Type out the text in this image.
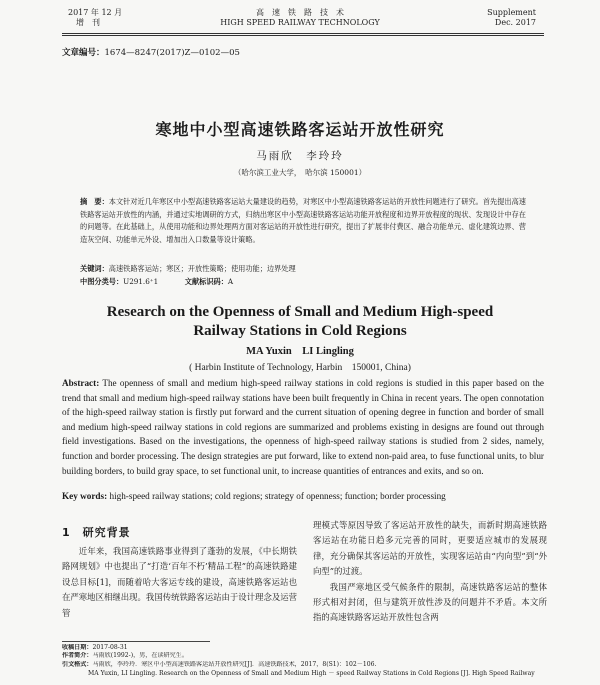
2017 年 12 月
增　刊
高　速　铁　路　技　术
HIGH SPEED RAILWAY TECHNOLOGY
Supplement
Dec. 2017
文章编号：1674—8247(2017)Z—0102—05
寒地中小型高速铁路客运站开放性研究
马雨欣　李玲玲
（哈尔滨工业大学，　哈尔滨 150001）
摘　要：本文针对近几年寒区中小型高速铁路客运站大量建设的趋势，对寒区中小型高速铁路客运站的开放性问题进行了研究。首先提出高速铁路客运站开放性的内涵，并通过实地调研的方式，归纳出寒区中小型高速铁路客运站功能开放程度和边界开放程度的现状、发现设计中存在的问题等。在此基础上，从使用功能和边界处理两方面对客运站的开放性进行研究，提出了扩展非付费区、融合功能单元、虚化建筑边界、营造灰空间、功能单元外设、增加出入口数量等设计策略。
关键词：高速铁路客运站；寒区；开放性策略；使用功能；边界处理
中图分类号：U291.6⁺1	文献标识码：A
Research on the Openness of Small and Medium High-speed
Railway Stations in Cold Regions
MA Yuxin　LI Lingling
( Harbin Institute of Technology, Harbin　150001, China)
Abstract: The openness of small and medium high-speed railway stations in cold regions is studied in this paper based on the trend that small and medium high-speed railway stations have been built frequently in China in recent years. The open connotation of the high-speed railway station is firstly put forward and the current situation of opening degree in function and border of small and medium high-speed railway stations in cold regions are summarized and problems existing in designs are found out through field investigations. Based on the investigations, the openness of high-speed railway stations is studied from 2 sides, namely, function and border processing. The design strategies are put forward, like to extend non-paid area, to fuse functional units, to blur building borders, to build gray space, to set functional unit, to increase quantities of entrances and exits, and so on.
Key words: high-speed railway stations; cold regions; strategy of openness; function; border processing
1 研究背景

近年来，我国高速铁路事业得到了蓬勃的发展，《中长期铁路网规划》中也提出了“打造‘百年不朽’精品工程”的高速铁路建设总目标[1]，而随着哈大客运专线的建设，高速铁路客运站也在严寒地区相继出现。我国传统铁路客运站由于设计理念及运营管

理模式等原因导致了客运站开放性的缺失，而新时期高速铁路客运站在功能日趋多元完善的同时，更要适应城市的发展现律，充分确保其客运站的开放性，实现客运站由“内向型”到“外向型”的过渡。

我国严寒地区受气候条件的限制，高速铁路客运站的整体形式相对封闭，但与建筑开放性涉及的问题并不矛盾。本文所指的高速铁路客运站开放性包含两

收稿日期：2017-08-31
作者简介：马雨欣(1992-)，男，在读研究生。
引文格式：马雨欣，李玲玲．寒区中小型高速铁路客运站开放性研究[J]．高速铁路技术，2017，8(S1)：102－106.
MA Yuxin, LI Lingling. Research on the Openness of Small and Medium High － speed Railway Stations in Cold Regions [J]. High Speed Railway
